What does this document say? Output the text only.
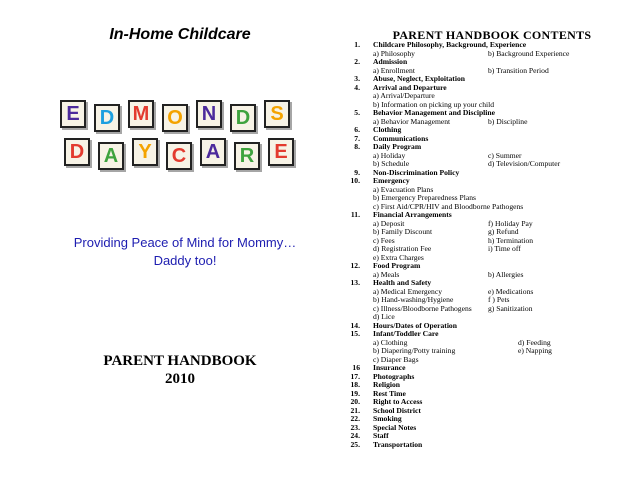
In-Home Childcare
E	D M O N D	S
D A	Y	C A R	E
Providing Peace of Mind for Mommy…
Daddy too!
PARENT HANDBOOK
2010
PARENT HANDBOOK CONTENTS
1. Childcare Philosophy, Background, Experience
a) Philosophy	b) Background Experience
2. Admission
a) Enrollment	b) Transition Period
3. Abuse, Neglect, Exploitation
4. Arrival and Departure
a) Arrival/Departure
b) Information on picking up your child
5. Behavior Management and Discipline
a) Behavior Management	b) Discipline
6. Clothing
7. Communications
8. Daily Program
a) Holiday	c) Summer
b) Schedule	d) Television/Computer
9. Non-Discrimination Policy
10. Emergency
a) Evacuation Plans
b) Emergency Preparedness Plans
c) First Aid/CPR/HIV and Bloodborne Pathogens
11. Financial Arrangements
a) Deposit	f) Holiday Pay
b) Family Discount	g) Refund
c) Fees	h) Termination
d) Registration Fee	i) Time off
e) Extra Charges
12. Food Program
a) Meals	b) Allergies
13. Health and Safety
a) Medical Emergency	e) Medications
b) Hand-washing/Hygiene	f ) Pets
c) Illness/Bloodborne Pathogens g) Sanitization
d) Lice
14. Hours/Dates of Operation
15. Infant/Toddler Care
a) Clothing	d) Feeding
b) Diapering/Potty training	e) Napping
c) Diaper Bags
16 Insurance
17. Photographs
18. Religion
19. Rest Time
20. Right to Access
21. School District
22. Smoking
23. Special Notes
24. Staff
25. Transportation
